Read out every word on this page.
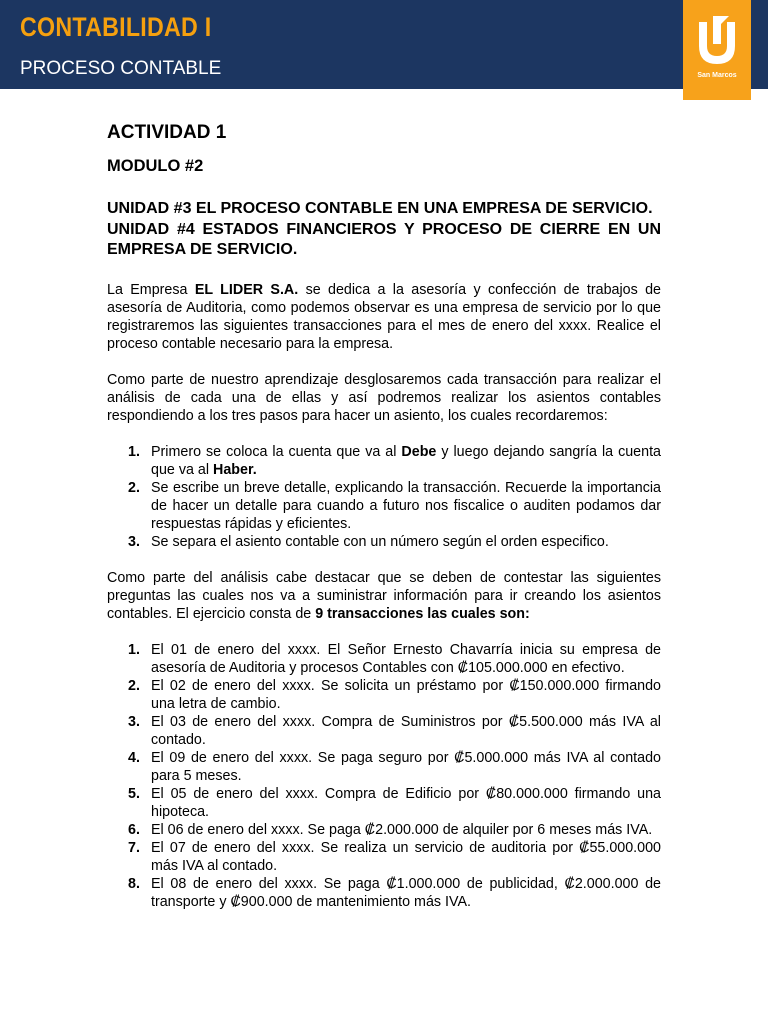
CONTABILIDAD I
PROCESO CONTABLE	San Marcos
ACTIVIDAD 1
MODULO #2
UNIDAD #3 EL PROCESO CONTABLE EN UNA EMPRESA DE SERVICIO.
UNIDAD #4 ESTADOS FINANCIEROS Y PROCESO DE CIERRE EN UN EMPRESA DE SERVICIO.

La Empresa EL LIDER S.A. se dedica a la asesoría y confección de trabajos de asesoría de Auditoria, como podemos observar es una empresa de servicio por lo que registraremos las siguientes transacciones para el mes de enero del xxxx. Realice el proceso contable necesario para la empresa.

Como parte de nuestro aprendizaje desglosaremos cada transacción para realizar el análisis de cada una de ellas y así podremos realizar los asientos contables respondiendo a los tres pasos para hacer un asiento, los cuales recordaremos:

1. Primero se coloca la cuenta que va al Debe y luego dejando sangría la cuenta que va al Haber.
2. Se escribe un breve detalle, explicando la transacción. Recuerde la importancia de hacer un detalle para cuando a futuro nos fiscalice o auditen podamos dar respuestas rápidas y eficientes.
3. Se separa el asiento contable con un número según el orden especifico.

Como parte del análisis cabe destacar que se deben de contestar las siguientes preguntas las cuales nos va a suministrar información para ir creando los asientos contables. El ejercicio consta de 9 transacciones las cuales son:

1. El 01 de enero del xxxx. El Señor Ernesto Chavarría inicia su empresa de asesoría de Auditoria y procesos Contables con ₡105.000.000 en efectivo.
2. El 02 de enero del xxxx. Se solicita un préstamo por ₡150.000.000 firmando una letra de cambio.
3. El 03 de enero del xxxx. Compra de Suministros por ₡5.500.000 más IVA al contado.
4. El 09 de enero del xxxx. Se paga seguro por ₡5.000.000 más IVA al contado para 5 meses.
5. El 05 de enero del xxxx. Compra de Edificio por ₡80.000.000 firmando una hipoteca.
6. El 06 de enero del xxxx. Se paga ₡2.000.000 de alquiler por 6 meses más IVA.
7. El 07 de enero del xxxx. Se realiza un servicio de auditoria por ₡55.000.000 más IVA al contado.
8. El 08 de enero del xxxx. Se paga ₡1.000.000 de publicidad, ₡2.000.000 de transporte y ₡900.000 de mantenimiento más IVA.
